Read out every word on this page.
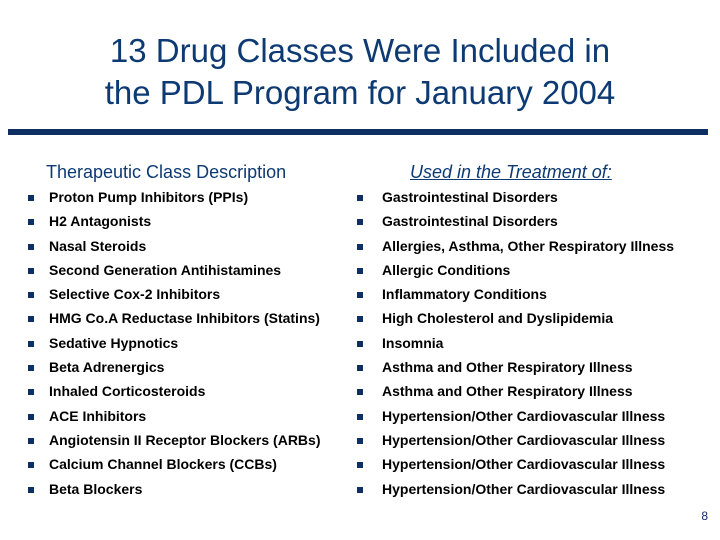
13 Drug Classes Were Included in
the PDL Program for January 2004
Therapeutic Class Description	Used in the Treatment of:
Proton Pump Inhibitors (PPIs)	Gastrointestinal Disorders
H2 Antagonists	Gastrointestinal Disorders
Nasal Steroids	Allergies, Asthma, Other Respiratory Illness
Second Generation Antihistamines	Allergic Conditions
Selective Cox-2 Inhibitors	Inflammatory Conditions
HMG Co.A Reductase Inhibitors (Statins)	High Cholesterol and Dyslipidemia
Sedative Hypnotics	Insomnia
Beta Adrenergics	Asthma and Other Respiratory Illness
Inhaled Corticosteroids	Asthma and Other Respiratory Illness
ACE Inhibitors	Hypertension/Other Cardiovascular Illness
Angiotensin II Receptor Blockers (ARBs)	Hypertension/Other Cardiovascular Illness
Calcium Channel Blockers (CCBs)	Hypertension/Other Cardiovascular Illness
Beta Blockers	Hypertension/Other Cardiovascular Illness
8
